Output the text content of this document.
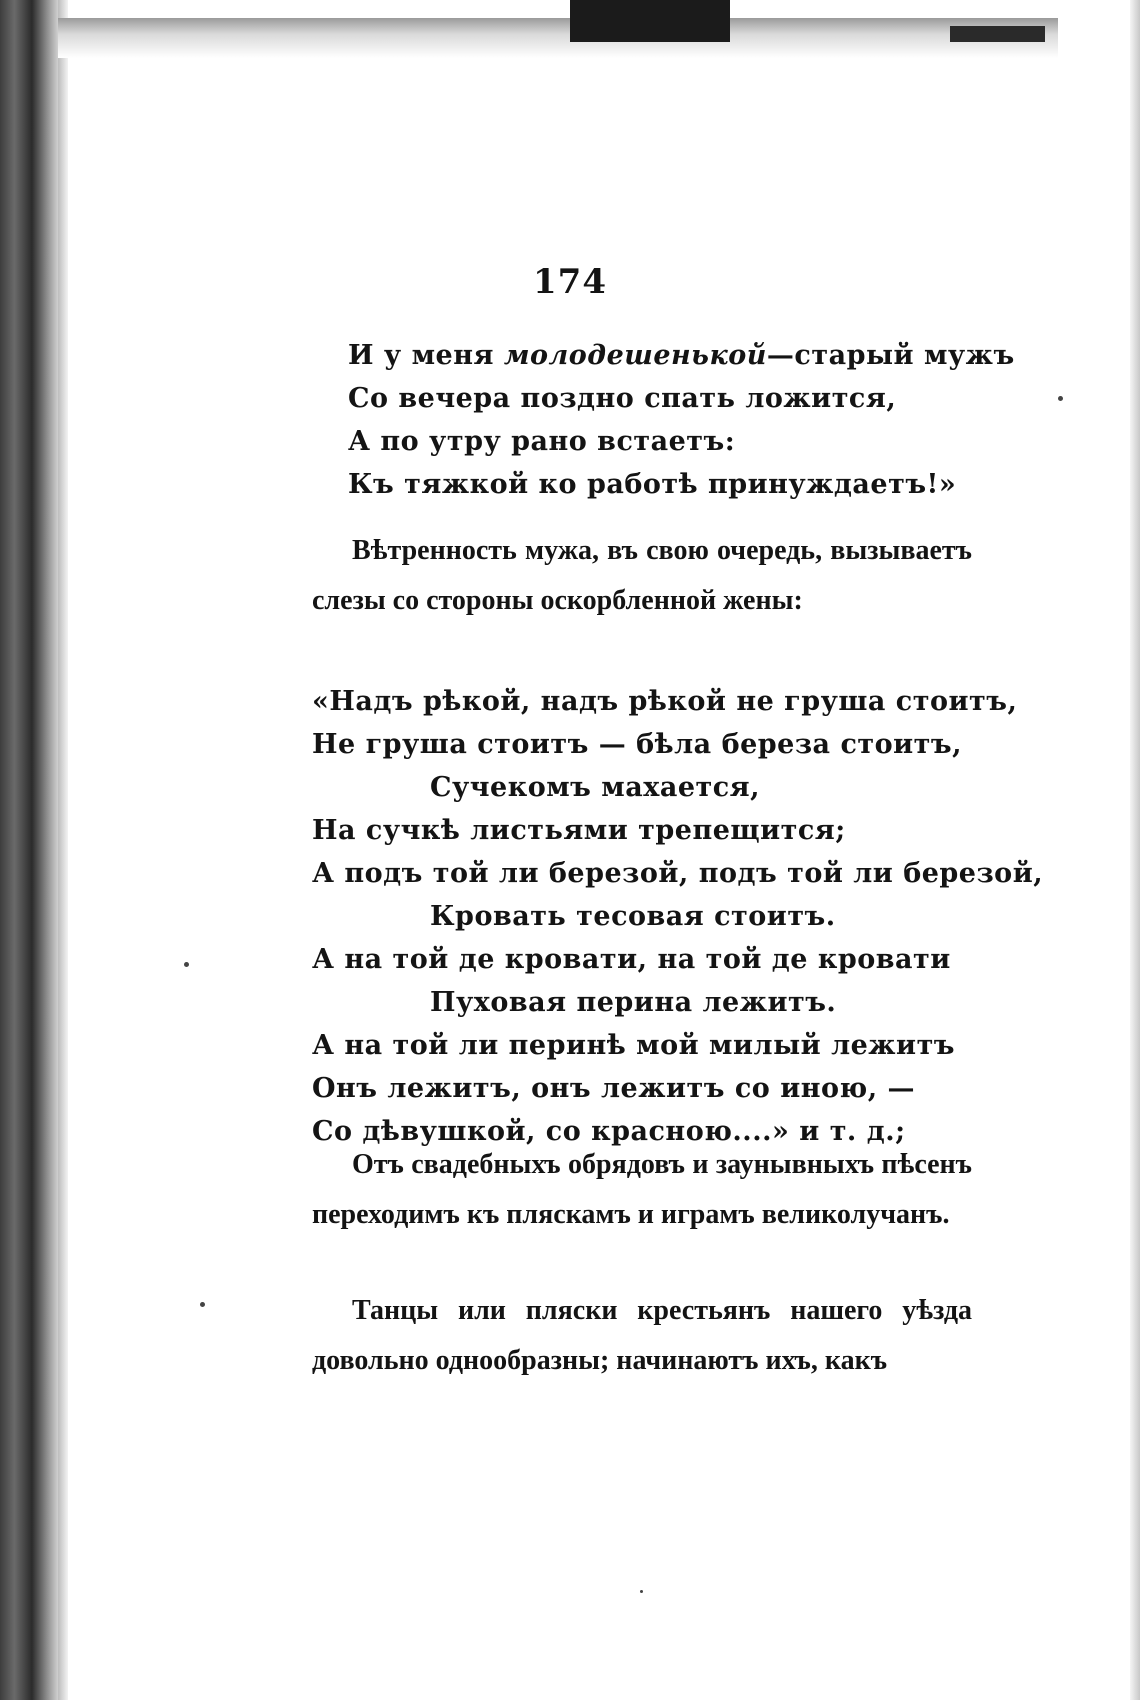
174
И у меня молодешенькой—старый мужъ
Со вечера поздно спать ложится,
А по утру рано встаетъ:
Къ тяжкой ко работѣ принуждаетъ!»

Вѣтренность мужа, въ свою очередь, вызываетъ слезы со стороны оскорбленной жены:

«Надъ рѣкой, надъ рѣкой не груша стоитъ,
Не груша стоитъ — бѣла береза стоитъ,
Сучекомъ махается,
На сучкѣ листьями трепещится;
А подъ той ли березой, подъ той ли березой,
Кровать тесовая стоитъ.
А на той де кровати, на той де кровати
Пуховая перина лежитъ.
А на той ли перинѣ мой милый лежитъ
Онъ лежитъ, онъ лежитъ со иною, —
Со дѣвушкой, со красною....» и т. д.;

Отъ свадебныхъ обрядовъ и заунывныхъ пѣсенъ переходимъ къ пляскамъ и играмъ великолучанъ.

Танцы или пляски крестьянъ нашего уѣзда довольно однообразны; начинаютъ ихъ, какъ
